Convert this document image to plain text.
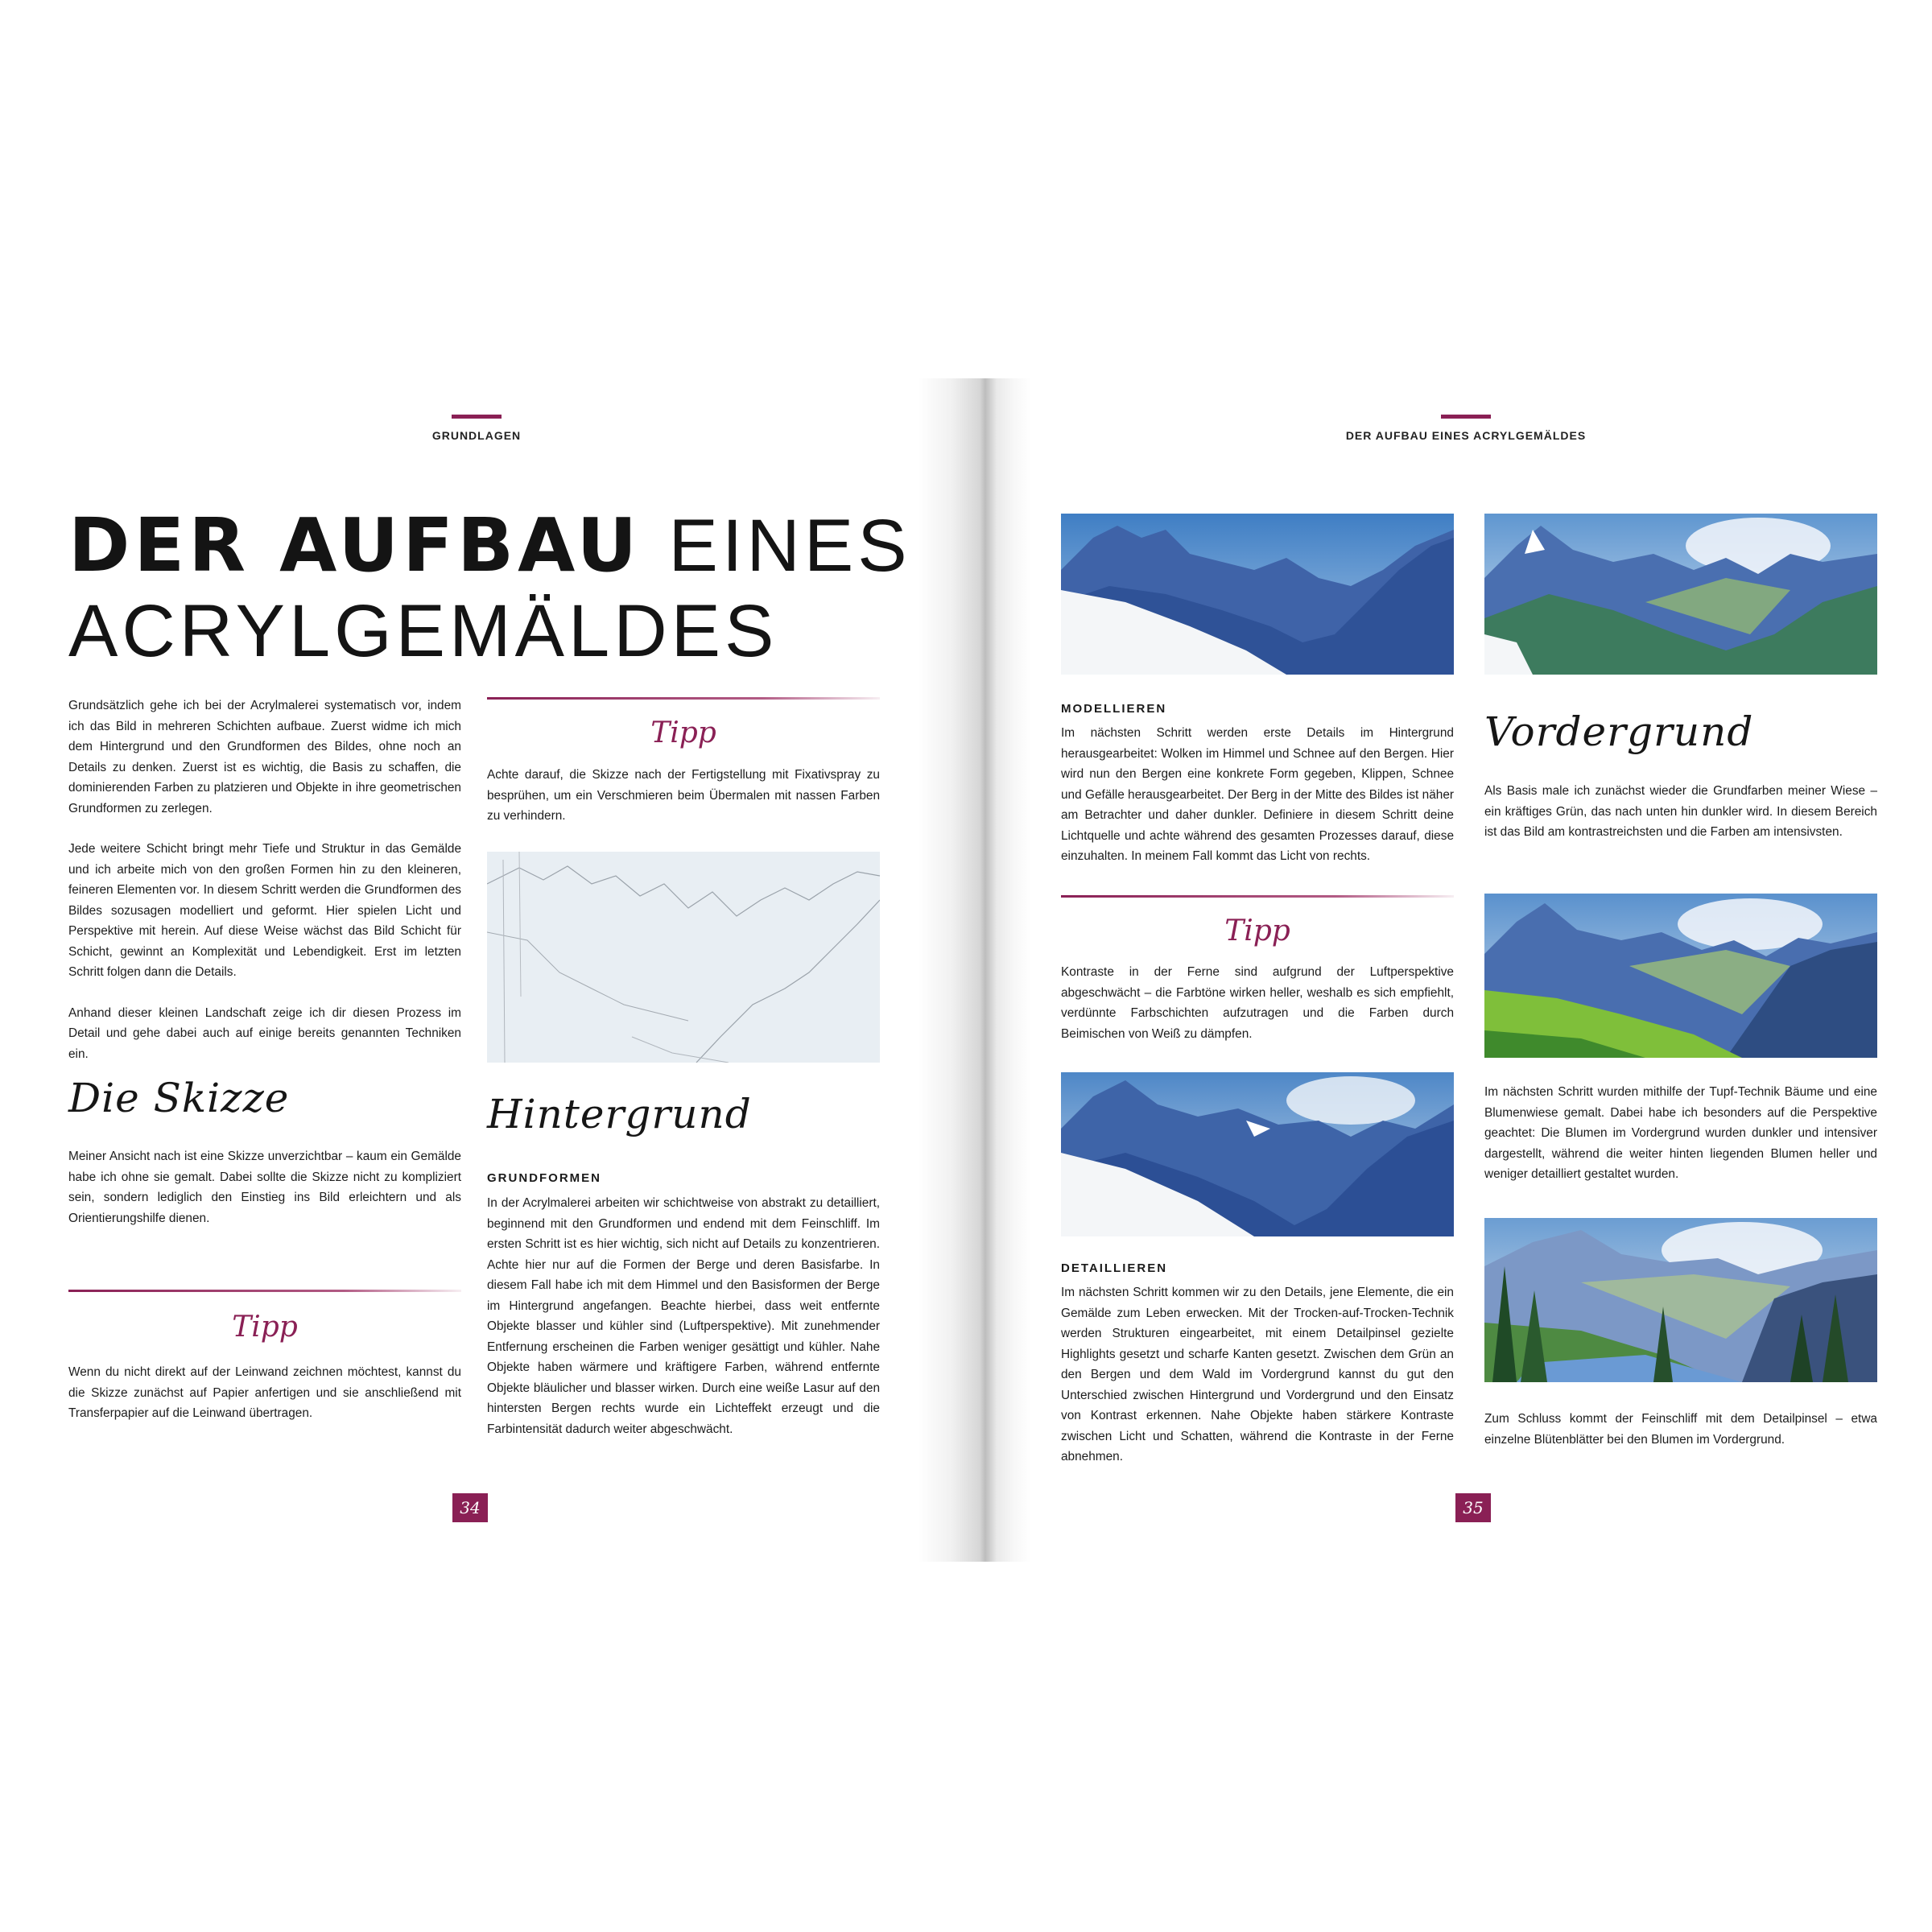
GRUNDLAGEN
DER AUFBAU EINES
ACRYLGEMÄLDES

Grundsätzlich gehe ich bei der Acrylmalerei systematisch vor, indem ich das Bild in mehreren Schichten aufbaue. Zuerst widme ich mich dem Hintergrund und den Grundformen des Bildes, ohne noch an Details zu denken. Zuerst ist es wichtig, die Basis zu schaffen, die dominierenden Farben zu platzieren und Objekte in ihre geometrischen Grundformen zu zerlegen.

Jede weitere Schicht bringt mehr Tiefe und Struktur in das Gemälde und ich arbeite mich von den großen Formen hin zu den kleineren, feineren Elementen vor. In diesem Schritt werden die Grundformen des Bildes sozusagen modelliert und geformt. Hier spielen Licht und Perspektive mit herein. Auf diese Weise wächst das Bild Schicht für Schicht, gewinnt an Komplexität und Lebendigkeit. Erst im letzten Schritt folgen dann die Details.

Anhand dieser kleinen Landschaft zeige ich dir diesen Prozess im Detail und gehe dabei auch auf einige bereits genannten Techniken ein.

Die Skizze
Meiner Ansicht nach ist eine Skizze unverzichtbar – kaum ein Gemälde habe ich ohne sie gemalt. Dabei sollte die Skizze nicht zu kompliziert sein, sondern lediglich den Einstieg ins Bild erleichtern und als Orientierungshilfe dienen.
Tipp
Wenn du nicht direkt auf der Leinwand zeichnen möchtest, kannst du die Skizze zunächst auf Papier anfertigen und sie anschließend mit Transferpapier auf die Leinwand übertragen.
Tipp
Achte darauf, die Skizze nach der Fertigstellung mit Fixativspray zu besprühen, um ein Verschmieren beim Übermalen mit nassen Farben zu verhindern.
Hintergrund
GRUNDFORMEN
In der Acrylmalerei arbeiten wir schichtweise von abstrakt zu detailliert, beginnend mit den Grundformen und endend mit dem Feinschliff. Im ersten Schritt ist es hier wichtig, sich nicht auf Details zu konzentrieren. Achte hier nur auf die Formen der Berge und deren Basisfarbe. In diesem Fall habe ich mit dem Himmel und den Basisformen der Berge im Hintergrund angefangen. Beachte hierbei, dass weit entfernte Objekte blasser und kühler sind (Luftperspektive). Mit zunehmender Entfernung erscheinen die Farben weniger gesättigt und kühler. Nahe Objekte haben wärmere und kräftigere Farben, während entfernte Objekte bläulicher und blasser wirken. Durch eine weiße Lasur auf den hintersten Bergen rechts wurde ein Lichteffekt erzeugt und die Farbintensität dadurch weiter abgeschwächt.
34
DER AUFBAU EINES ACRYLGEMÄLDES
MODELLIEREN
Im nächsten Schritt werden erste Details im Hintergrund herausgearbeitet: Wolken im Himmel und Schnee auf den Bergen. Hier wird nun den Bergen eine konkrete Form gegeben, Klippen, Schnee und Gefälle herausgearbeitet. Der Berg in der Mitte des Bildes ist näher am Betrachter und daher dunkler. Definiere in diesem Schritt deine Lichtquelle und achte während des gesamten Prozesses darauf, diese einzuhalten. In meinem Fall kommt das Licht von rechts.
Tipp
Kontraste in der Ferne sind aufgrund der Luftperspektive abgeschwächt – die Farbtöne wirken heller, weshalb es sich empfiehlt, verdünnte Farbschichten aufzutragen und die Farben durch Beimischen von Weiß zu dämpfen.
DETAILLIEREN
Im nächsten Schritt kommen wir zu den Details, jene Elemente, die ein Gemälde zum Leben erwecken. Mit der Trocken-auf-Trocken-Technik werden Strukturen eingearbeitet, mit einem Detailpinsel gezielte Highlights gesetzt und scharfe Kanten gesetzt. Zwischen dem Grün an den Bergen und dem Wald im Vordergrund kannst du gut den Unterschied zwischen Hintergrund und Vordergrund und den Einsatz von Kontrast erkennen. Nahe Objekte haben stärkere Kontraste zwischen Licht und Schatten, während die Kontraste in der Ferne abnehmen.
Vordergrund
Als Basis male ich zunächst wieder die Grundfarben meiner Wiese – ein kräftiges Grün, das nach unten hin dunkler wird. In diesem Bereich ist das Bild am kontrastreichsten und die Farben am intensivsten.
Im nächsten Schritt wurden mithilfe der Tupf-Technik Bäume und eine Blumenwiese gemalt. Dabei habe ich besonders auf die Perspektive geachtet: Die Blumen im Vordergrund wurden dunkler und intensiver dargestellt, während die weiter hinten liegenden Blumen heller und weniger detailliert gestaltet wurden.
Zum Schluss kommt der Feinschliff mit dem Detailpinsel – etwa einzelne Blütenblätter bei den Blumen im Vordergrund.
35
